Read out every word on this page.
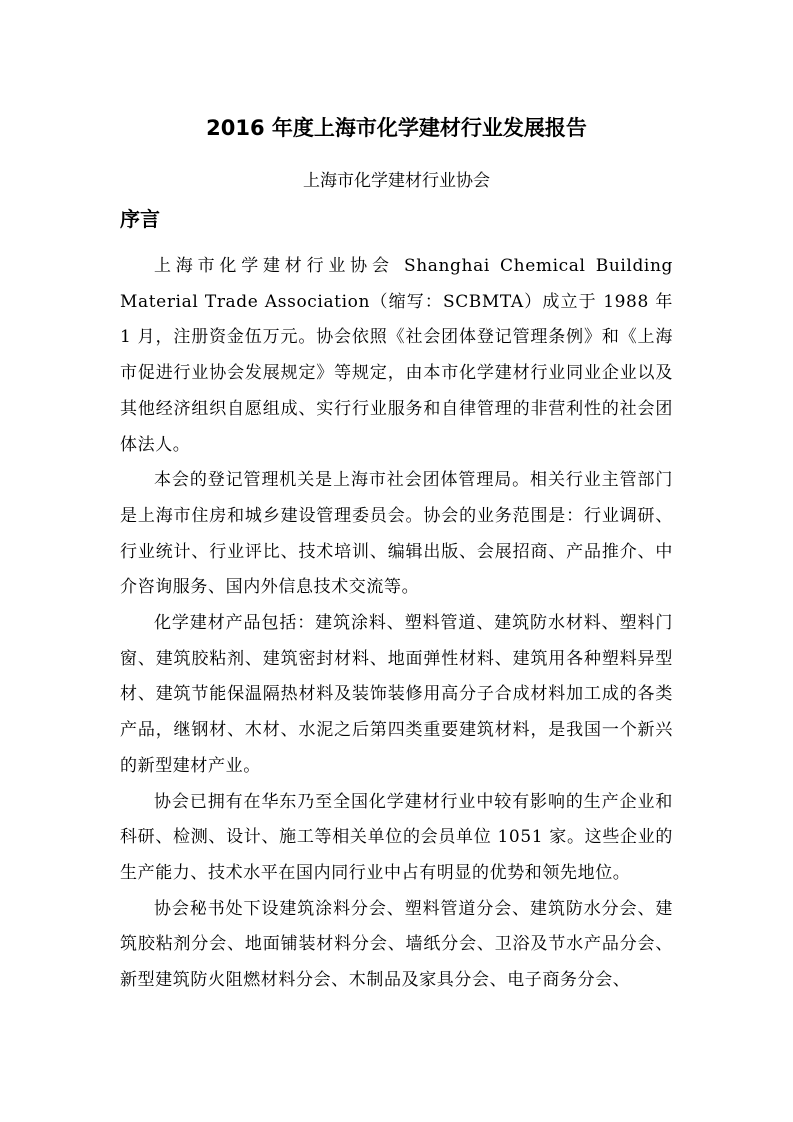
2016 年度上海市化学建材行业发展报告

上海市化学建材行业协会

序言

上海市化学建材行业协会 Shanghai Chemical Building Material Trade Association（缩写：SCBMTA）成立于 1988 年 1 月，注册资金伍万元。协会依照《社会团体登记管理条例》和《上海市促进行业协会发展规定》等规定，由本市化学建材行业同业企业以及其他经济组织自愿组成、实行行业服务和自律管理的非营利性的社会团体法人。

本会的登记管理机关是上海市社会团体管理局。相关行业主管部门是上海市住房和城乡建设管理委员会。协会的业务范围是：行业调研、行业统计、行业评比、技术培训、编辑出版、会展招商、产品推介、中介咨询服务、国内外信息技术交流等。

化学建材产品包括：建筑涂料、塑料管道、建筑防水材料、塑料门窗、建筑胶粘剂、建筑密封材料、地面弹性材料、建筑用各种塑料异型材、建筑节能保温隔热材料及装饰装修用高分子合成材料加工成的各类产品，继钢材、木材、水泥之后第四类重要建筑材料，是我国一个新兴的新型建材产业。

协会已拥有在华东乃至全国化学建材行业中较有影响的生产企业和科研、检测、设计、施工等相关单位的会员单位 1051 家。这些企业的生产能力、技术水平在国内同行业中占有明显的优势和领先地位。

协会秘书处下设建筑涂料分会、塑料管道分会、建筑防水分会、建筑胶粘剂分会、地面铺装材料分会、墙纸分会、卫浴及节水产品分会、新型建筑防火阻燃材料分会、木制品及家具分会、电子商务分会、
